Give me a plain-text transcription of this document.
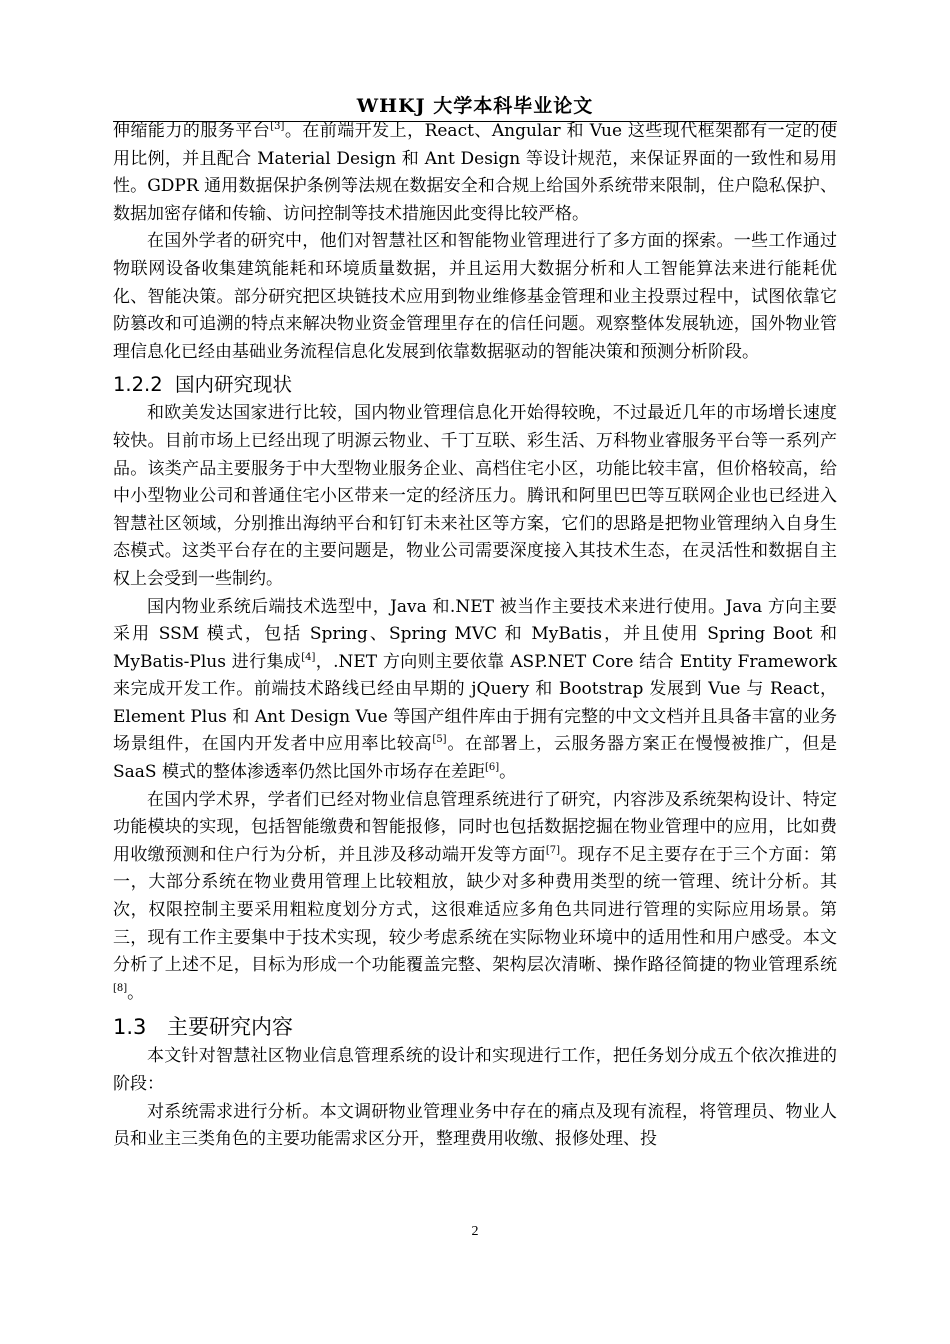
WHKJ 大学本科毕业论文

伸缩能力的服务平台[3]。在前端开发上，React、Angular 和 Vue 这些现代框架都有一定的使用比例，并且配合 Material Design 和 Ant Design 等设计规范，来保证界面的一致性和易用性。GDPR 通用数据保护条例等法规在数据安全和合规上给国外系统带来限制，住户隐私保护、数据加密存储和传输、访问控制等技术措施因此变得比较严格。

在国外学者的研究中，他们对智慧社区和智能物业管理进行了多方面的探索。一些工作通过物联网设备收集建筑能耗和环境质量数据，并且运用大数据分析和人工智能算法来进行能耗优化、智能决策。部分研究把区块链技术应用到物业维修基金管理和业主投票过程中，试图依靠它防篡改和可追溯的特点来解决物业资金管理里存在的信任问题。观察整体发展轨迹，国外物业管理信息化已经由基础业务流程信息化发展到依靠数据驱动的智能决策和预测分析阶段。

1.2.2 国内研究现状

和欧美发达国家进行比较，国内物业管理信息化开始得较晚，不过最近几年的市场增长速度较快。目前市场上已经出现了明源云物业、千丁互联、彩生活、万科物业睿服务平台等一系列产品。该类产品主要服务于中大型物业服务企业、高档住宅小区，功能比较丰富，但价格较高，给中小型物业公司和普通住宅小区带来一定的经济压力。腾讯和阿里巴巴等互联网企业也已经进入智慧社区领域，分别推出海纳平台和钉钉未来社区等方案，它们的思路是把物业管理纳入自身生态模式。这类平台存在的主要问题是，物业公司需要深度接入其技术生态，在灵活性和数据自主权上会受到一些制约。

国内物业系统后端技术选型中，Java 和.NET 被当作主要技术来进行使用。Java 方向主要采用 SSM 模式，包括 Spring、Spring MVC 和 MyBatis，并且使用 Spring Boot 和 MyBatis-Plus 进行集成[4]，.NET 方向则主要依靠 ASP.NET Core 结合 Entity Framework 来完成开发工作。前端技术路线已经由早期的 jQuery 和 Bootstrap 发展到 Vue 与 React，Element Plus 和 Ant Design Vue 等国产组件库由于拥有完整的中文文档并且具备丰富的业务场景组件，在国内开发者中应用率比较高[5]。在部署上，云服务器方案正在慢慢被推广，但是 SaaS 模式的整体渗透率仍然比国外市场存在差距[6]。

在国内学术界，学者们已经对物业信息管理系统进行了研究，内容涉及系统架构设计、特定功能模块的实现，包括智能缴费和智能报修，同时也包括数据挖掘在物业管理中的应用，比如费用收缴预测和住户行为分析，并且涉及移动端开发等方面[7]。现存不足主要存在于三个方面：第一，大部分系统在物业费用管理上比较粗放，缺少对多种费用类型的统一管理、统计分析。其次，权限控制主要采用粗粒度划分方式，这很难适应多角色共同进行管理的实际应用场景。第三，现有工作主要集中于技术实现，较少考虑系统在实际物业环境中的适用性和用户感受。本文分析了上述不足，目标为形成一个功能覆盖完整、架构层次清晰、操作路径简捷的物业管理系统[8]。

1.3 主要研究内容

本文针对智慧社区物业信息管理系统的设计和实现进行工作，把任务划分成五个依次推进的阶段：

对系统需求进行分析。本文调研物业管理业务中存在的痛点及现有流程，将管理员、物业人员和业主三类角色的主要功能需求区分开，整理费用收缴、报修处理、投

2
